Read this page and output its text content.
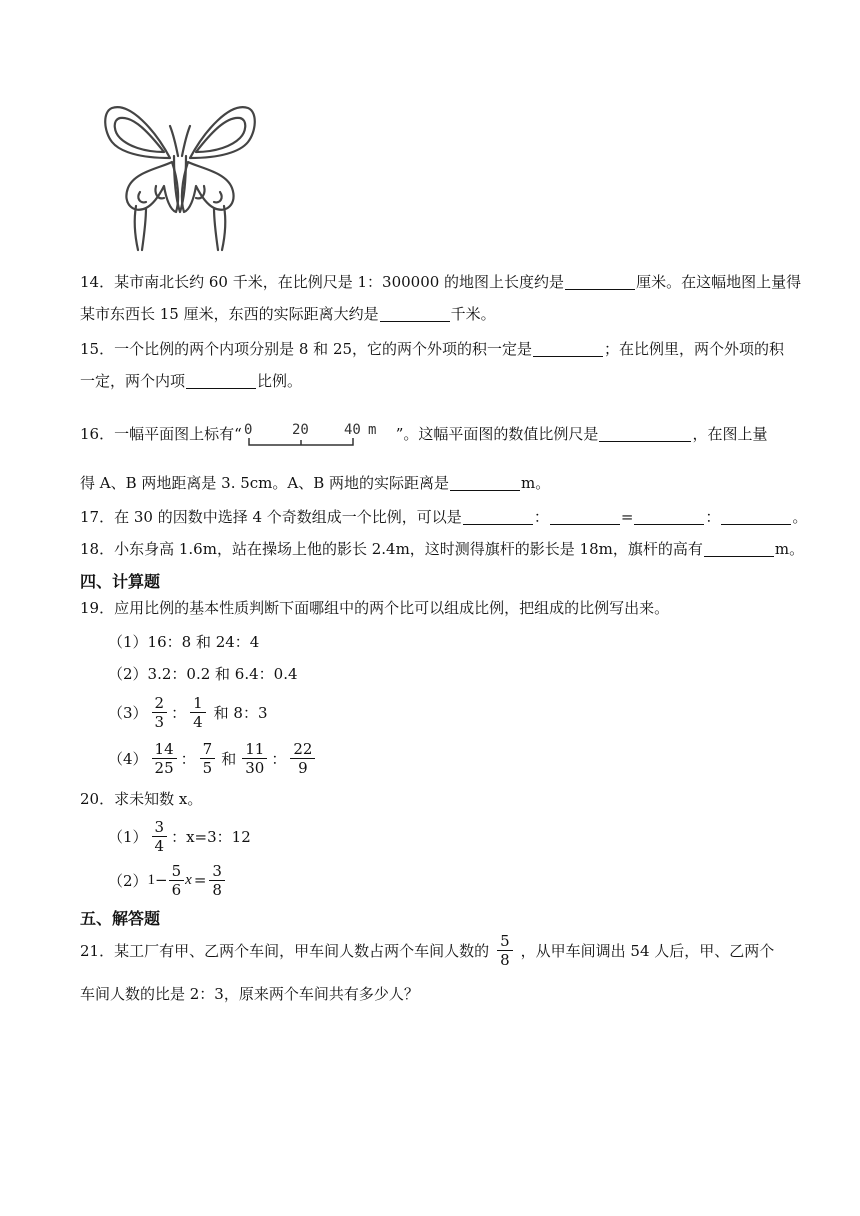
14．某市南北长约 60 千米，在比例尺是 1：300000 的地图上长度约是	厘米。在这幅地图上量得
某市东西长 15 厘米，东西的实际距离大约是	千米。
15．一个比例的两个内项分别是 8 和 25，它的两个外项的积一定是	；在比例里，两个外项的积
一定，两个内项	比例。
16．一幅平面图上标有“ 0	20	40 m ”。这幅平面图的数值比例尺是	，在图上量
得 A、B 两地距离是 3. 5cm。A、B 两地的实际距离是	m。
17．在 30 的因数中选择 4 个奇数组成一个比例，可以是	：	=	：	。
18．小东身高 1.6m，站在操场上他的影长 2.4m，这时测得旗杆的影长是 18m，旗杆的高有	m。
四、计算题
19．应用比例的基本性质判断下面哪组中的两个比可以组成比例，把组成的比例写出来。
（1）16：8 和 24：4
（2）3.2：0.2 和 6.4：0.4
$(3) \frac{2}{3}$ ： $\frac{1}{4}$ 和 8：3
$(4) \frac{14}{25}$ ： $\frac{7}{5}$ 和 $\frac{11}{30}$ ： $\frac{22}{9}$
20．求未知数 x。
$(1) \frac{3}{4}$ ：x=3：12
（2） $1 - \frac{5}{6}$ $x = \frac{3}{8}$
五、解答题
21． 某工厂有甲、乙两个车间，甲车间人数占两个车间人数的 $\frac{5}{8}$ ，从甲车间调出 54 人后，甲、乙两个
车间人数的比是 2：3，原来两个车间共有多少人？
